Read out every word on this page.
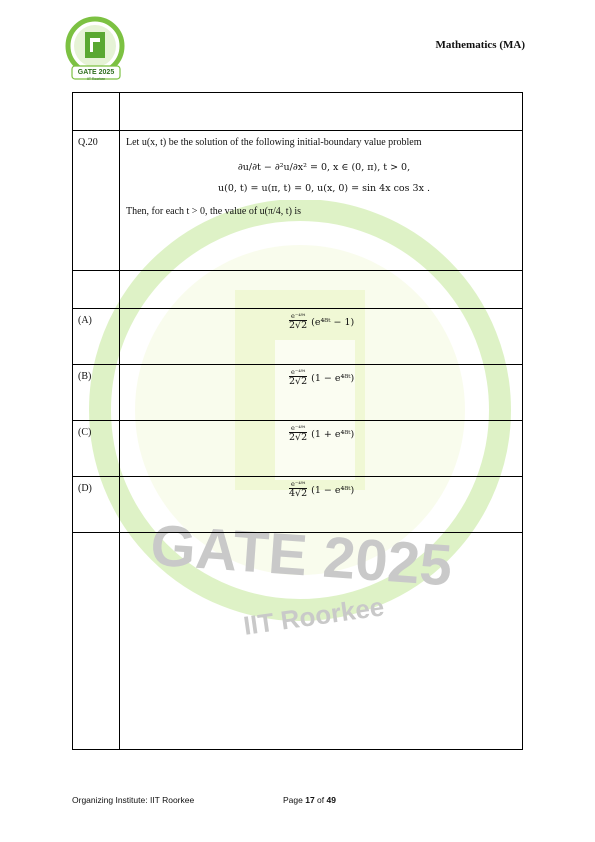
GATE 2025
IIT Roorkee
Mathematics (MA)
GATE 2025
IIT Roorkee

Q.20	Let u(x, t) be the solution of the following initial-boundary value problem
∂u/∂t − ∂²u/∂x² = 0, x ∈ (0, π), t > 0,
u(0, t) = u(π, t) = 0, u(x, 0) = sin 4x cos 3x .
Then, for each t > 0, the value of u(π/4, t) is

(A)	$\frac{\text{e⁻⁴⁹ᵗ}}{2√2}$ (e⁴⁸ᵗ − 1)

(B)	$\frac{\text{e⁻⁴⁹ᵗ}}{2√2} (1$ − e⁴⁸ᵗ)

(C)	$\frac{\text{e⁻⁴⁹ᵗ}}{2√2} (1$ + e⁴⁸ᵗ)

(D)	$\frac{\text{e⁻⁴⁹ᵗ}}{4√2} (1$ − e⁴⁸ᵗ)

Organizing Institute: IIT Roorkee	Page 17 of 49
